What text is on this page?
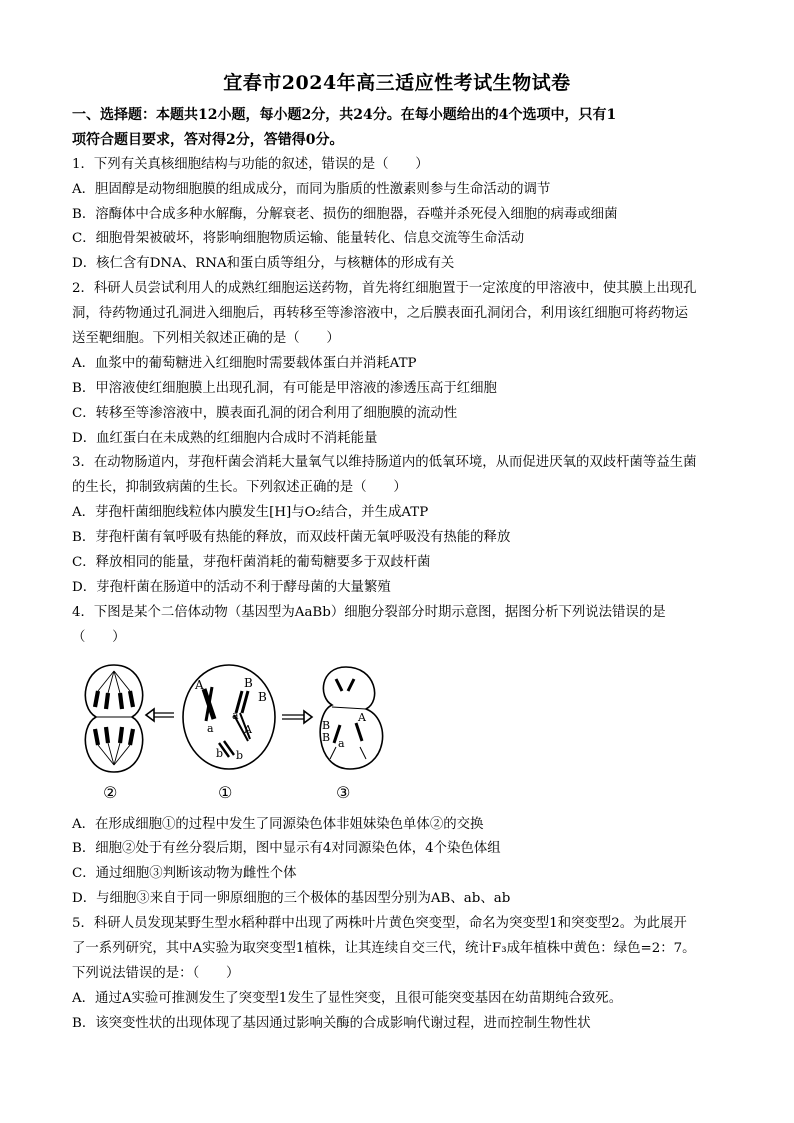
宜春市2024年高三适应性考试生物试卷
一、选择题：本题共12小题，每小题2分，共24分。在每小题给出的4个选项中，只有1
项符合题目要求，答对得2分，答错得0分。
1．下列有关真核细胞结构与功能的叙述，错误的是（　　）
A．胆固醇是动物细胞膜的组成成分，而同为脂质的性激素则参与生命活动的调节
B．溶酶体中合成多种水解酶，分解衰老、损伤的细胞器，吞噬并杀死侵入细胞的病毒或细菌
C．细胞骨架被破坏，将影响细胞物质运输、能量转化、信息交流等生命活动
D．核仁含有DNA、RNA和蛋白质等组分，与核糖体的形成有关
2．科研人员尝试利用人的成熟红细胞运送药物，首先将红细胞置于一定浓度的甲溶液中，使其膜上出现孔
洞，待药物通过孔洞进入细胞后，再转移至等渗溶液中，之后膜表面孔洞闭合，利用该红细胞可将药物运
送至靶细胞。下列相关叙述正确的是（　　）
A．血浆中的葡萄糖进入红细胞时需要载体蛋白并消耗ATP
B．甲溶液使红细胞膜上出现孔洞，有可能是甲溶液的渗透压高于红细胞
C．转移至等渗溶液中，膜表面孔洞的闭合利用了细胞膜的流动性
D．血红蛋白在未成熟的红细胞内合成时不消耗能量
3．在动物肠道内，芽孢杆菌会消耗大量氧气以维持肠道内的低氧环境，从而促进厌氧的双歧杆菌等益生菌
的生长，抑制致病菌的生长。下列叙述正确的是（　　）
A．芽孢杆菌细胞线粒体内膜发生[H]与O₂结合，并生成ATP
B．芽孢杆菌有氧呼吸有热能的释放，而双歧杆菌无氧呼吸没有热能的释放
C．释放相同的能量，芽孢杆菌消耗的葡萄糖要多于双歧杆菌
D．芽孢杆菌在肠道中的活动不利于酵母菌的大量繁殖
4．下图是某个二倍体动物（基因型为AaBb）细胞分裂部分时期示意图，据图分析下列说法错误的是
（　　）
A
a
B
B
a
A
b b
B
B
A
a
②	①	③
A．在形成细胞①的过程中发生了同源染色体非姐妹染色单体②的交换
B．细胞②处于有丝分裂后期，图中显示有4对同源染色体，4个染色体组
C．通过细胞③判断该动物为雌性个体
D．与细胞③来自于同一卵原细胞的三个极体的基因型分别为AB、ab、ab
5．科研人员发现某野生型水稻种群中出现了两株叶片黄色突变型，命名为突变型1和突变型2。为此展开
了一系列研究，其中A实验为取突变型1植株，让其连续自交三代，统计F₃成年植株中黄色：绿色=2：7。
下列说法错误的是：（　　）
A．通过A实验可推测发生了突变型1发生了显性突变，且很可能突变基因在幼苗期纯合致死。
B．该突变性状的出现体现了基因通过影响关酶的合成影响代谢过程，进而控制生物性状
